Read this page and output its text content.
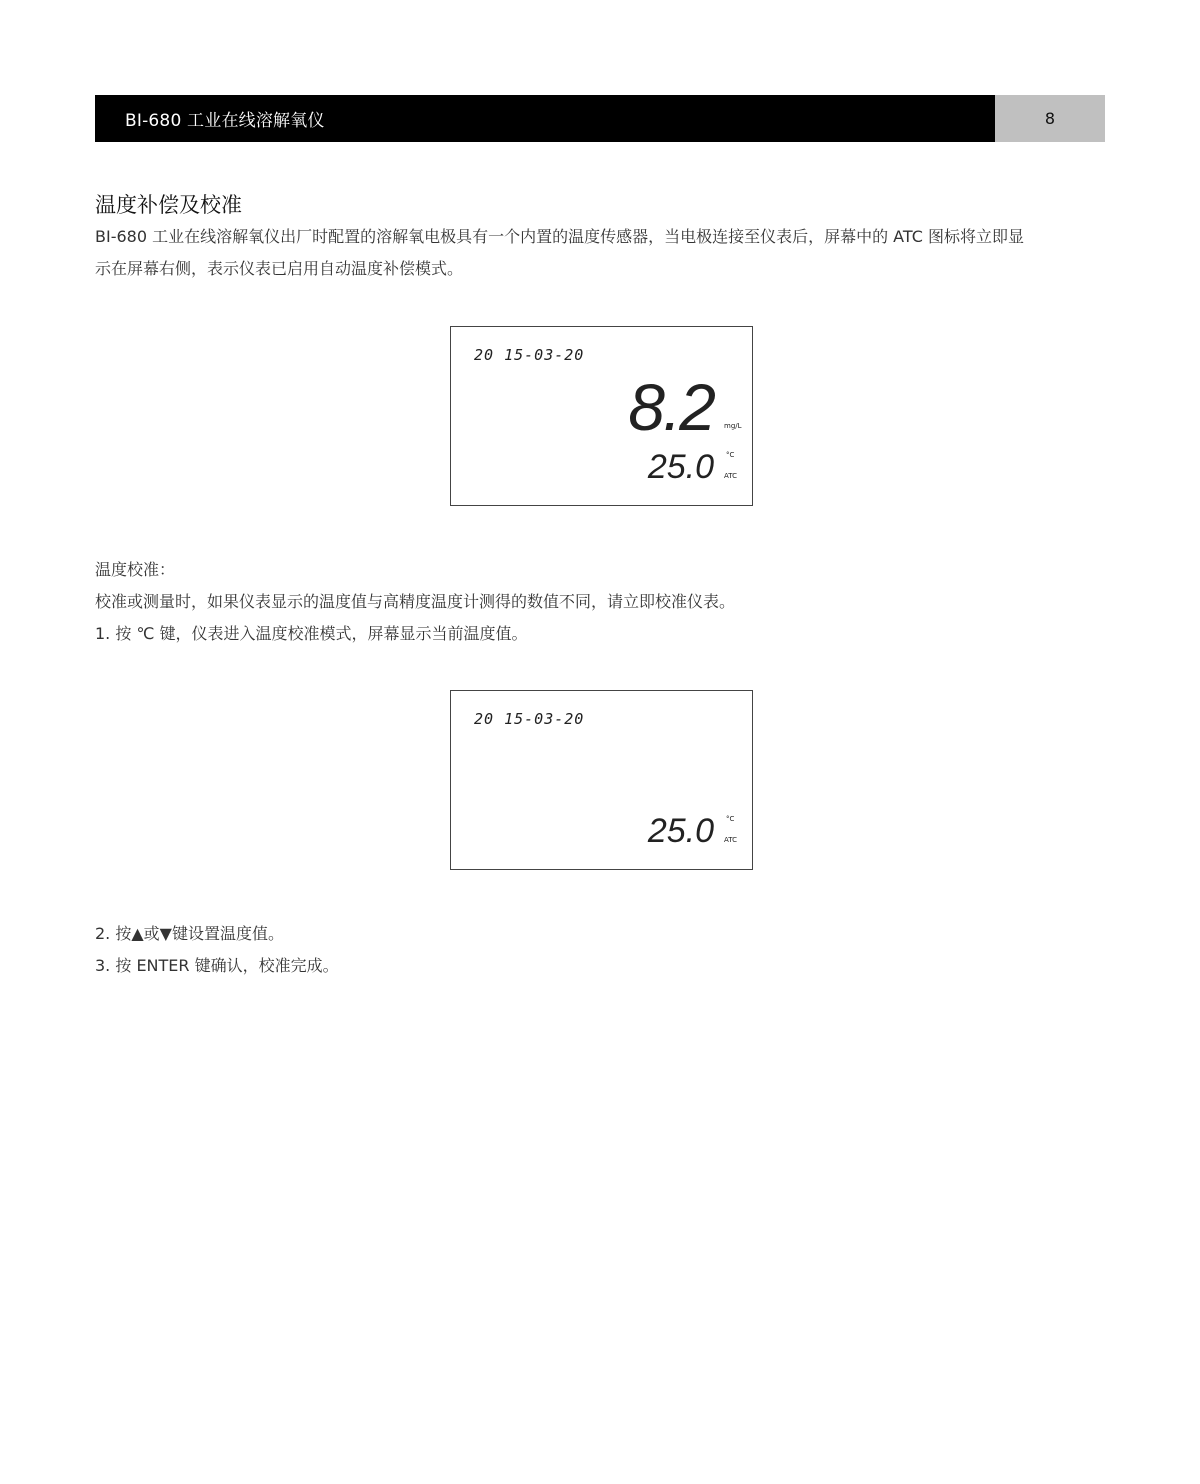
BI-680 工业在线溶解氧仪	8
温度补偿及校准
BI-680 工业在线溶解氧仪出厂时配置的溶解氧电极具有一个内置的温度传感器，当电极连接至仪表后，屏幕中的 ATC 图标将立即显
示在屏幕右侧，表示仪表已启用自动温度补偿模式。
20 15-03-20
8.2 mg/L
25.0 °C
ATC
温度校准：
校准或测量时，如果仪表显示的温度值与高精度温度计测得的数值不同，请立即校准仪表。
1. 按 ℃ 键，仪表进入温度校准模式，屏幕显示当前温度值。
20 15-03-20
25.0 °C
ATC
2. 按▲或▼键设置温度值。
3. 按 ENTER 键确认，校准完成。
